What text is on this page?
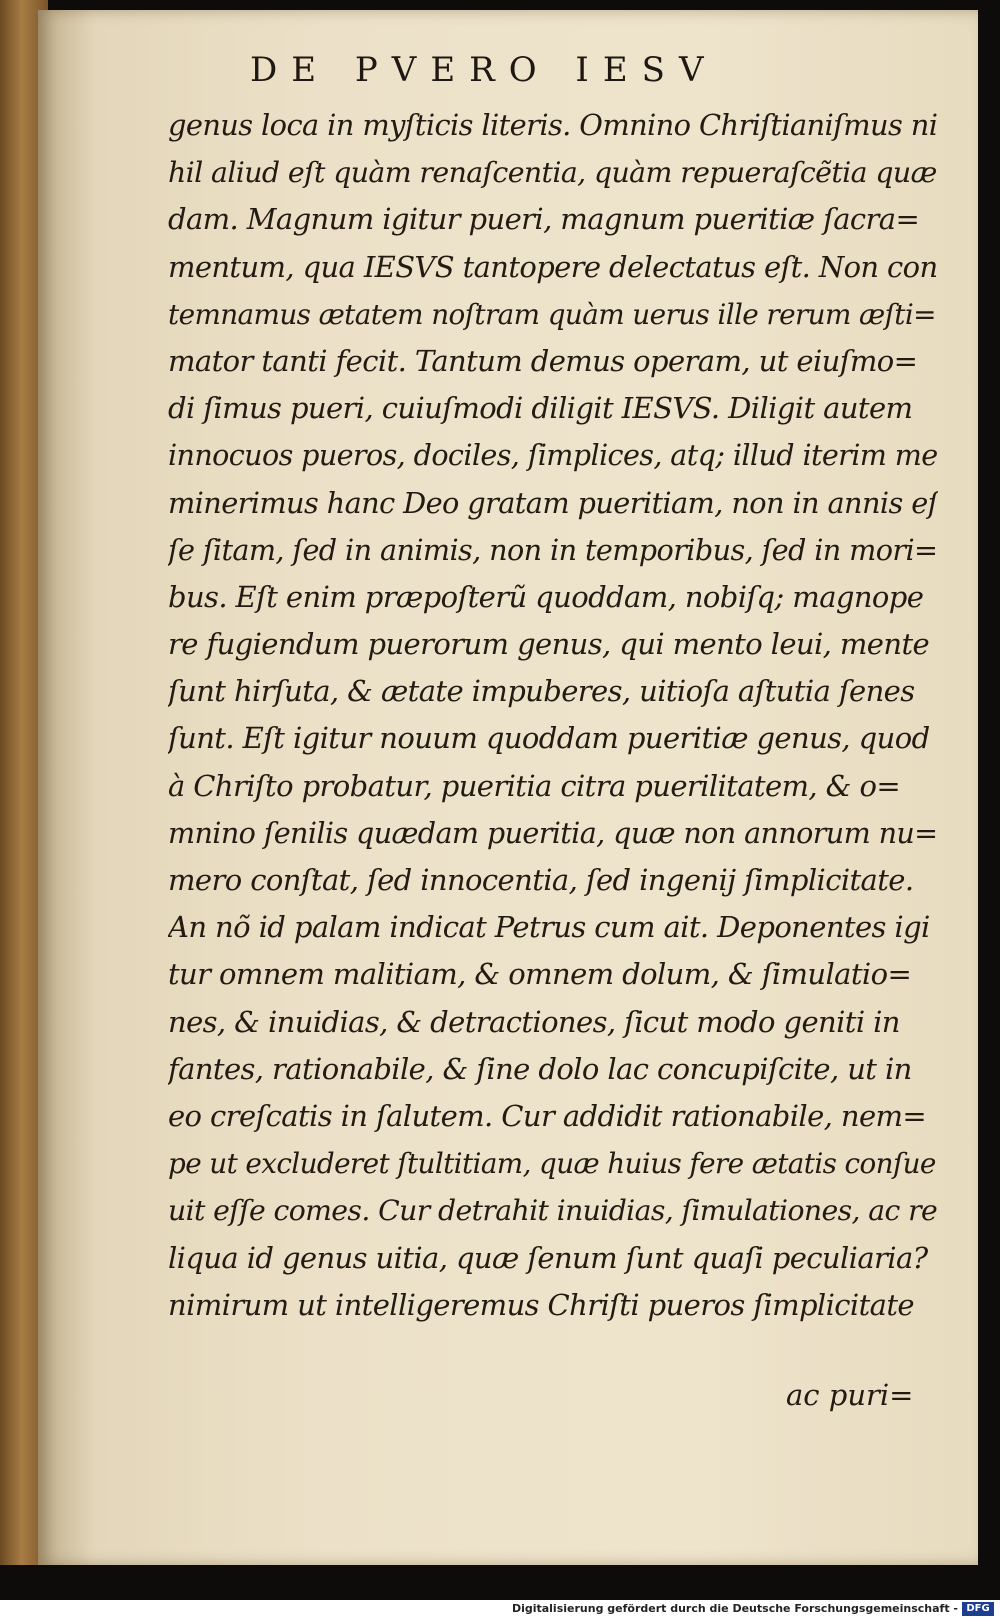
DE PVERO IESV
genus loca in myſticis literis. Omnino Chriſtianiſmus ni
hil aliud eſt quàm renaſcentia, quàm repueraſcẽtia quæ
dam. Magnum igitur pueri, magnum pueritiæ ſacra=
mentum, qua IESVS tantopere delectatus eſt. Non con
temnamus ætatem noſtram quàm uerus ille rerum æſti=
mator tanti fecit. Tantum demus operam, ut eiuſmo=
di ſimus pueri, cuiuſmodi diligit IESVS. Diligit autem
innocuos pueros, dociles, ſimplices, atq; illud iterim me
minerimus hanc Deo gratam pueritiam, non in annis eſ
ſe ſitam, ſed in animis, non in temporibus, ſed in mori=
bus. Eſt enim præpoſterũ quoddam, nobiſq; magnope
re fugiendum puerorum genus, qui mento leui, mente
ſunt hirſuta, & ætate impuberes, uitioſa aſtutia ſenes
ſunt. Eſt igitur nouum quoddam pueritiæ genus, quod
à Chriſto probatur, pueritia citra puerilitatem, & o=
mnino ſenilis quædam pueritia, quæ non annorum nu=
mero conſtat, ſed innocentia, ſed ingenij ſimplicitate.
An nõ id palam indicat Petrus cum ait. Deponentes igi
tur omnem malitiam, & omnem dolum, & ſimulatio=
nes, & inuidias, & detractiones, ſicut modo geniti in
fantes, rationabile, & ſine dolo lac concupiſcite, ut in
eo creſcatis in ſalutem. Cur addidit rationabile, nem=
pe ut excluderet ſtultitiam, quæ huius fere ætatis conſue
uit eſſe comes. Cur detrahit inuidias, ſimulationes, ac re
liqua id genus uitia, quæ ſenum ſunt quaſi peculiaria?
nimirum ut intelligeremus Chriſti pueros ſimplicitate
ac puri=
Digitalisierung gefördert durch die Deutsche Forschungsgemeinschaft - DFG
